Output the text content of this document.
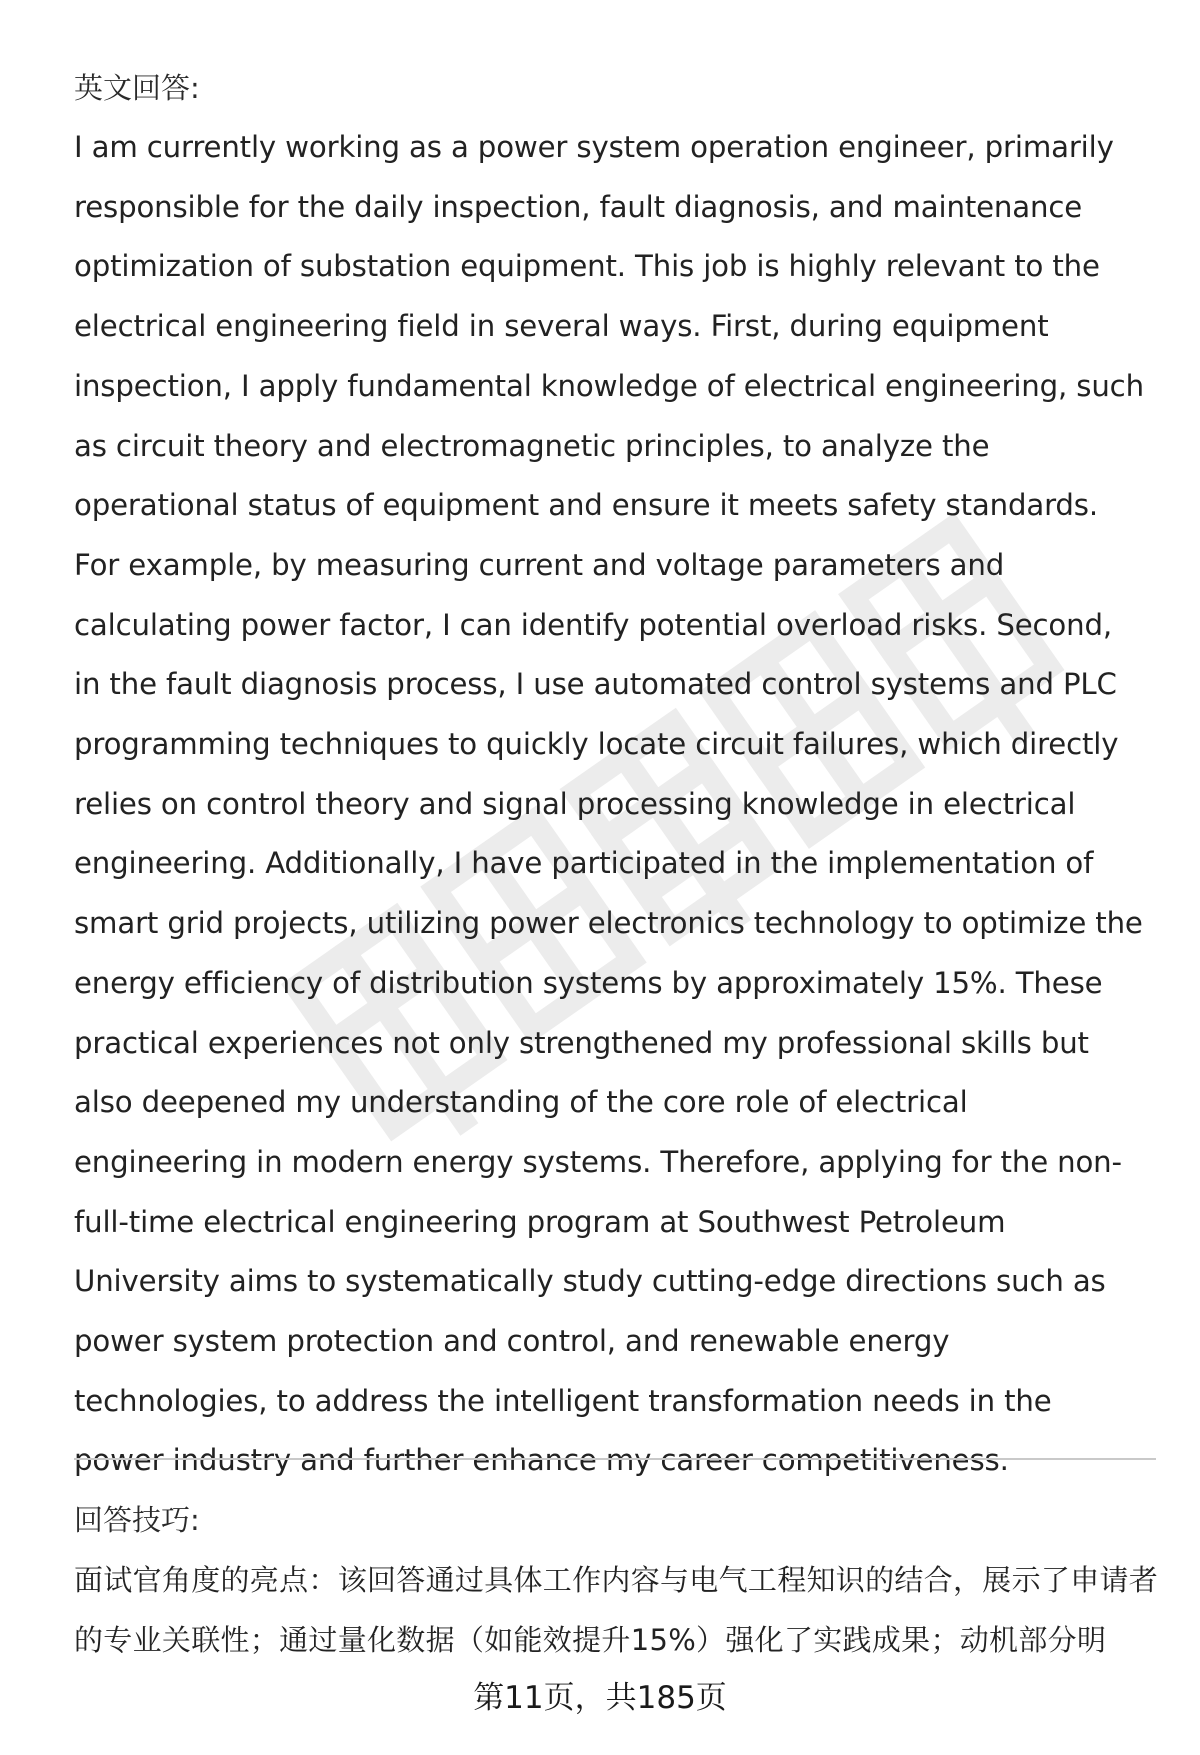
英文回答:

I am currently working as a power system operation engineer, primarily responsible for the daily inspection, fault diagnosis, and maintenance optimization of substation equipment. This job is highly relevant to the electrical engineering field in several ways. First, during equipment inspection, I apply fundamental knowledge of electrical engineering, such as circuit theory and electromagnetic principles, to analyze the operational status of equipment and ensure it meets safety standards. For example, by measuring current and voltage parameters and calculating power factor, I can identify potential overload risks. Second, in the fault diagnosis process, I use automated control systems and PLC programming techniques to quickly locate circuit failures, which directly relies on control theory and signal processing knowledge in electrical engineering. Additionally, I have participated in the implementation of smart grid projects, utilizing power electronics technology to optimize the energy efficiency of distribution systems by approximately 15%. These practical experiences not only strengthened my professional skills but also deepened my understanding of the core role of electrical engineering in modern energy systems. Therefore, applying for the non-full-time electrical engineering program at Southwest Petroleum University aims to systematically study cutting-edge directions such as power system protection and control, and renewable energy technologies, to address the intelligent transformation needs in the power industry and further enhance my career competitiveness.

回答技巧:

面试官角度的亮点：该回答通过具体工作内容与电气工程知识的结合，展示了申请者的专业关联性；通过量化数据（如能效提升15%）强化了实践成果；动机部分明

第11页，共185页
